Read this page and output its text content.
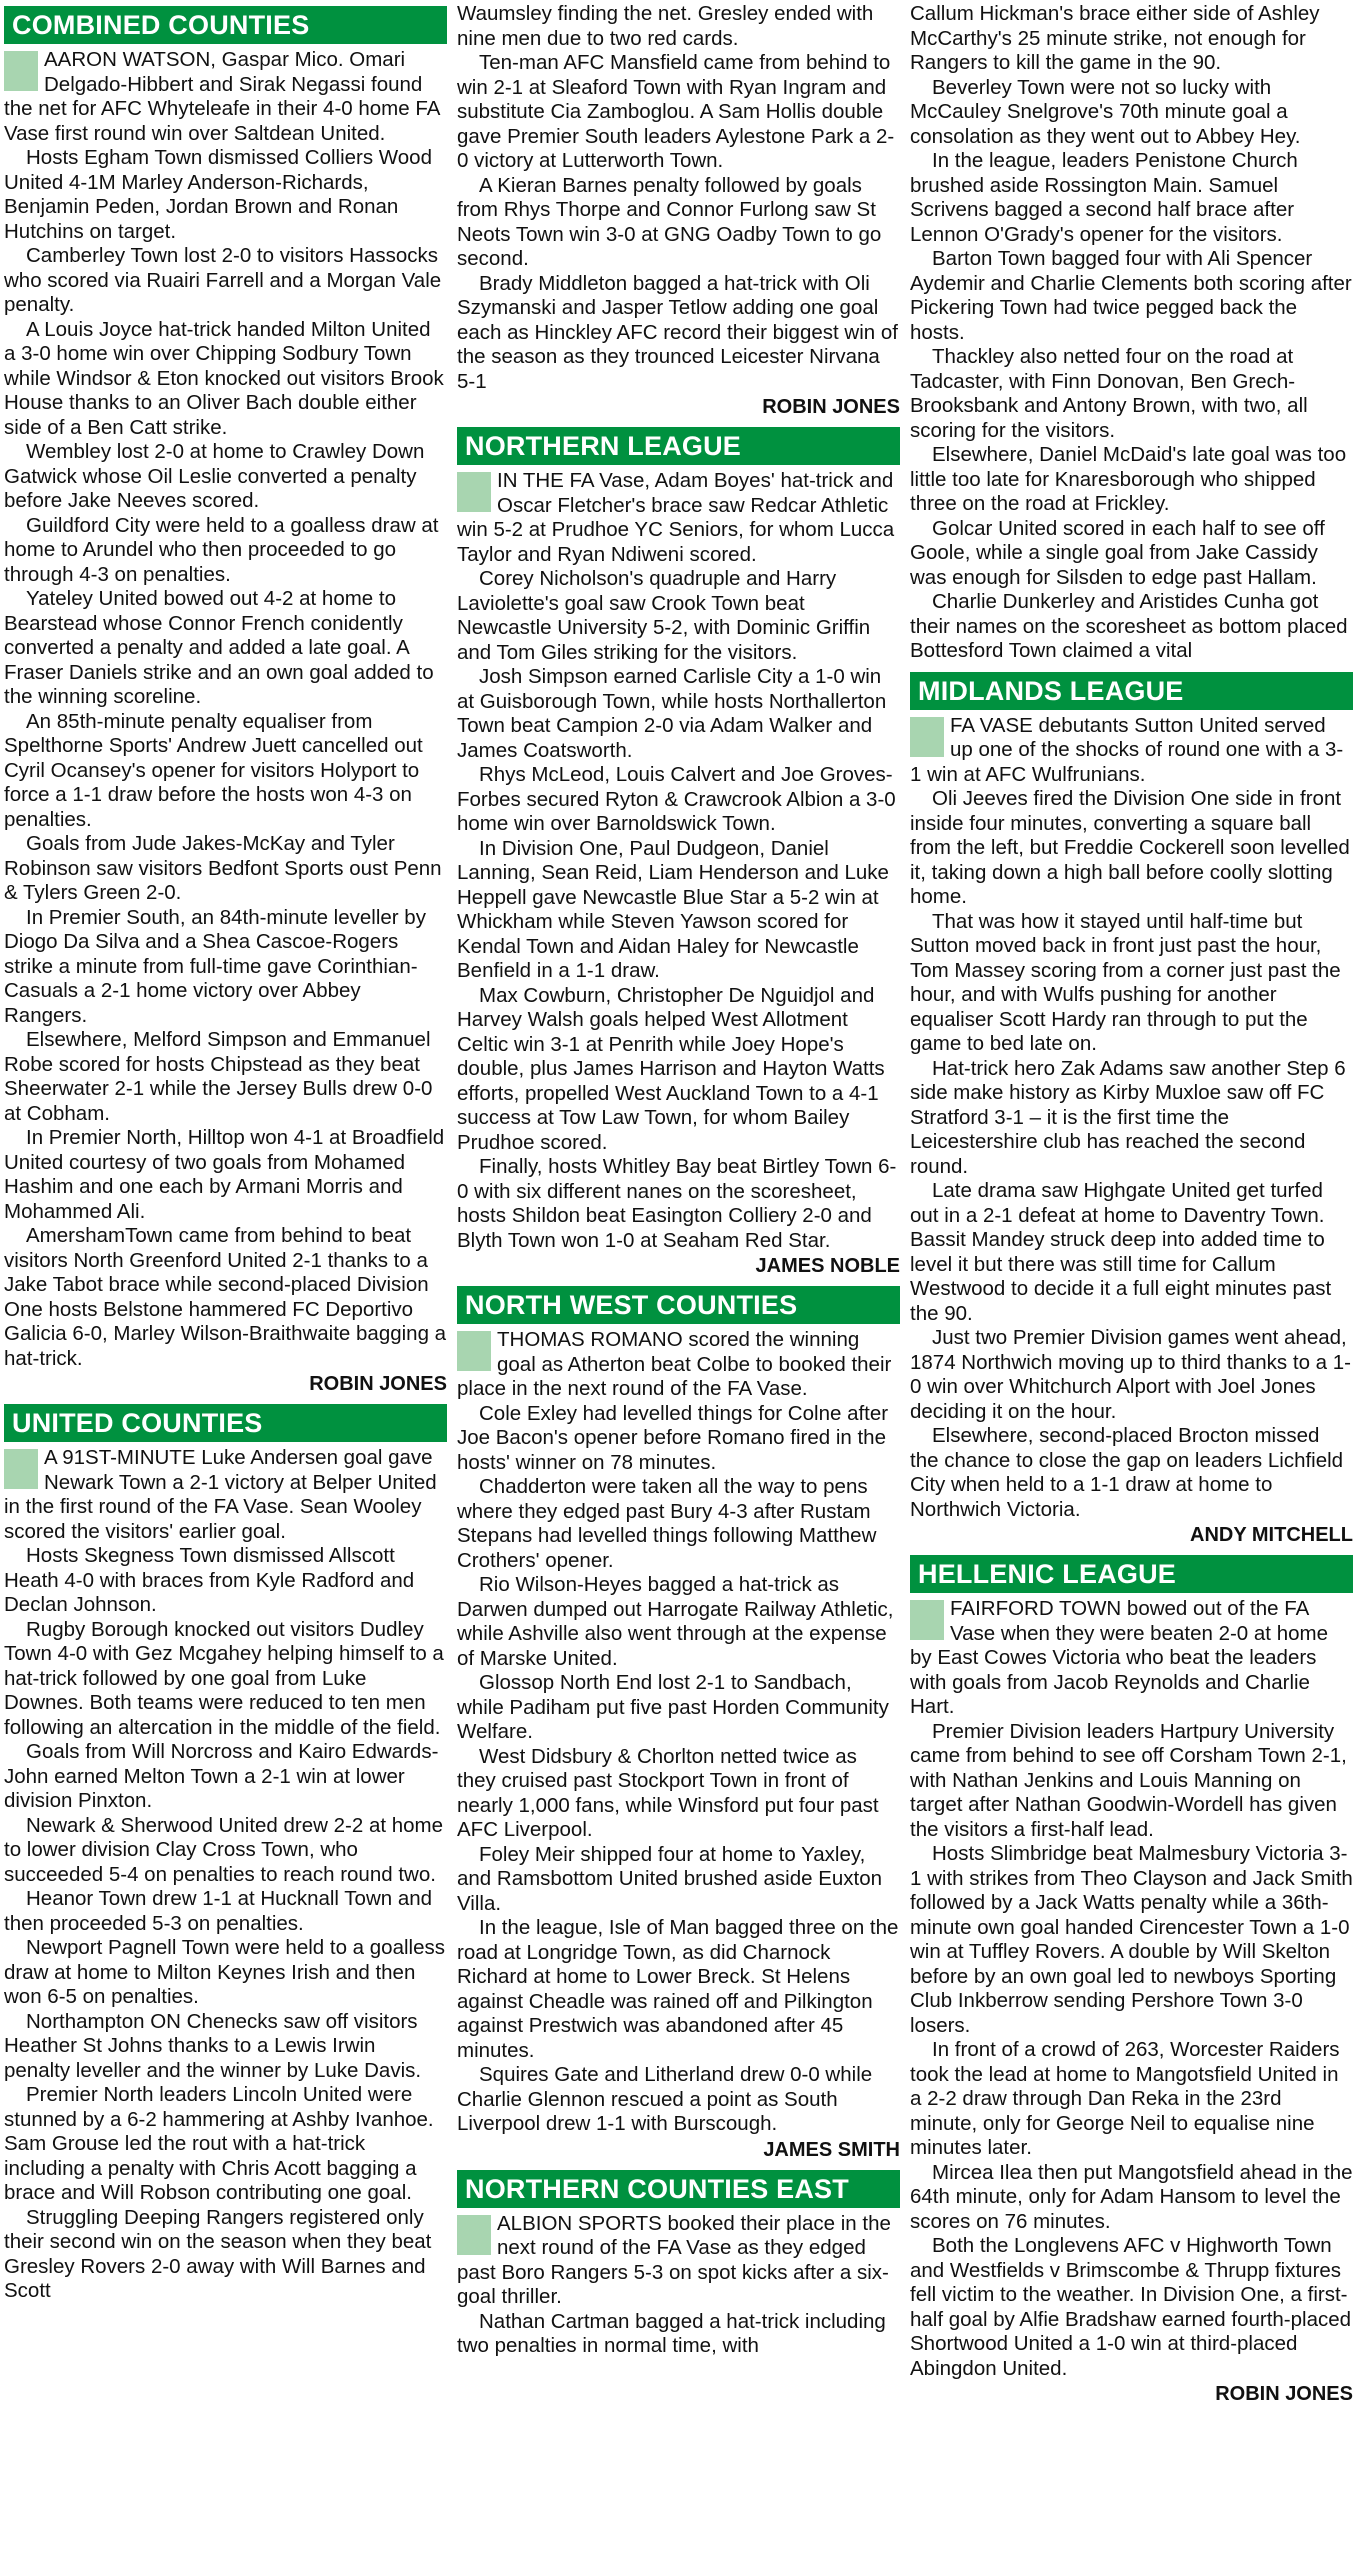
COMBINED COUNTIES

AARON WATSON, Gaspar Mico. Omari Delgado-Hibbert and Sirak Negassi found the net for AFC Whyteleafe in their 4-0 home FA Vase first round win over Saltdean United.

Hosts Egham Town dismissed Colliers Wood United 4-1M Marley Anderson-Richards, Benjamin Peden, Jordan Brown and Ronan Hutchins on target.

Camberley Town lost 2-0 to visitors Hassocks who scored via Ruairi Farrell and a Morgan Vale penalty.

A Louis Joyce hat-trick handed Milton United a 3-0 home win over Chipping Sodbury Town while Windsor & Eton knocked out visitors Brook House thanks to an Oliver Bach double either side of a Ben Catt strike.

Wembley lost 2-0 at home to Crawley Down Gatwick whose Oil Leslie converted a penalty before Jake Neeves scored.

Guildford City were held to a goalless draw at home to Arundel who then proceeded to go through 4-3 on penalties.

Yateley United bowed out 4-2 at home to Bearstead whose Connor French conidently converted a penalty and added a late goal. A Fraser Daniels strike and an own goal added to the winning scoreline.

An 85th-minute penalty equaliser from Spelthorne Sports' Andrew Juett cancelled out Cyril Ocansey's opener for visitors Holyport to force a 1-1 draw before the hosts won 4-3 on penalties.

Goals from Jude Jakes-McKay and Tyler Robinson saw visitors Bedfont Sports oust Penn & Tylers Green 2-0.

In Premier South, an 84th-minute leveller by Diogo Da Silva and a Shea Cascoe-Rogers strike a minute from full-time gave Corinthian-Casuals a 2-1 home victory over Abbey Rangers.

Elsewhere, Melford Simpson and Emmanuel Robe scored for hosts Chipstead as they beat Sheerwater 2-1 while the Jersey Bulls drew 0-0 at Cobham.

In Premier North, Hilltop won 4-1 at Broadfield United courtesy of two goals from Mohamed Hashim and one each by Armani Morris and Mohammed Ali.

AmershamTown came from behind to beat visitors North Greenford United 2-1 thanks to a Jake Tabot brace while second-placed Division One hosts Belstone hammered FC Deportivo Galicia 6-0, Marley Wilson-Braithwaite bagging a hat-trick.

ROBIN JONES
UNITED COUNTIES

A 91ST-MINUTE Luke Andersen goal gave Newark Town a 2-1 victory at Belper United in the first round of the FA Vase. Sean Wooley scored the visitors' earlier goal.

Hosts Skegness Town dismissed Allscott Heath 4-0 with braces from Kyle Radford and Declan Johnson.

Rugby Borough knocked out visitors Dudley Town 4-0 with Gez Mcgahey helping himself to a hat-trick followed by one goal from Luke Downes. Both teams were reduced to ten men following an altercation in the middle of the field.

Goals from Will Norcross and Kairo Edwards-John earned Melton Town a 2-1 win at lower division Pinxton.

Newark & Sherwood United drew 2-2 at home to lower division Clay Cross Town, who succeeded 5-4 on penalties to reach round two.

Heanor Town drew 1-1 at Hucknall Town and then proceeded 5-3 on penalties.

Newport Pagnell Town were held to a goalless draw at home to Milton Keynes Irish and then won 6-5 on penalties.

Northampton ON Chenecks saw off visitors Heather St Johns thanks to a Lewis Irwin penalty leveller and the winner by Luke Davis.

Premier North leaders Lincoln United were stunned by a 6-2 hammering at Ashby Ivanhoe. Sam Grouse led the rout with a hat-trick including a penalty with Chris Acott bagging a brace and Will Robson contributing one goal.

Struggling Deeping Rangers registered only their second win on the season when they beat Gresley Rovers 2-0 away with Will Barnes and Scott

Waumsley finding the net. Gresley ended with nine men due to two red cards.

Ten-man AFC Mansfield came from behind to win 2-1 at Sleaford Town with Ryan Ingram and substitute Cia Zamboglou. A Sam Hollis double gave Premier South leaders Aylestone Park a 2-0 victory at Lutterworth Town.

A Kieran Barnes penalty followed by goals from Rhys Thorpe and Connor Furlong saw St Neots Town win 3-0 at GNG Oadby Town to go second.

Brady Middleton bagged a hat-trick with Oli Szymanski and Jasper Tetlow adding one goal each as Hinckley AFC record their biggest win of the season as they trounced Leicester Nirvana 5-1

ROBIN JONES
NORTHERN LEAGUE

IN THE FA Vase, Adam Boyes' hat-trick and Oscar Fletcher's brace saw Redcar Athletic win 5-2 at Prudhoe YC Seniors, for whom Lucca Taylor and Ryan Ndiweni scored.

Corey Nicholson's quadruple and Harry Laviolette's goal saw Crook Town beat Newcastle University 5-2, with Dominic Griffin and Tom Giles striking for the visitors.

Josh Simpson earned Carlisle City a 1-0 win at Guisborough Town, while hosts Northallerton Town beat Campion 2-0 via Adam Walker and James Coatsworth.

Rhys McLeod, Louis Calvert and Joe Groves-Forbes secured Ryton & Crawcrook Albion a 3-0 home win over Barnoldswick Town.

In Division One, Paul Dudgeon, Daniel Lanning, Sean Reid, Liam Henderson and Luke Heppell gave Newcastle Blue Star a 5-2 win at Whickham while Steven Yawson scored for Kendal Town and Aidan Haley for Newcastle Benfield in a 1-1 draw.

Max Cowburn, Christopher De Nguidjol and Harvey Walsh goals helped West Allotment Celtic win 3-1 at Penrith while Joey Hope's double, plus James Harrison and Hayton Watts efforts, propelled West Auckland Town to a 4-1 success at Tow Law Town, for whom Bailey Prudhoe scored.

Finally, hosts Whitley Bay beat Birtley Town 6-0 with six different nanes on the scoresheet, hosts Shildon beat Easington Colliery 2-0 and Blyth Town won 1-0 at Seaham Red Star.

JAMES NOBLE
NORTH WEST COUNTIES

THOMAS ROMANO scored the winning goal as Atherton beat Colbe to booked their place in the next round of the FA Vase.

Cole Exley had levelled things for Colne after Joe Bacon's opener before Romano fired in the hosts' winner on 78 minutes.

Chadderton were taken all the way to pens where they edged past Bury 4-3 after Rustam Stepans had levelled things following Matthew Crothers' opener.

Rio Wilson-Heyes bagged a hat-trick as Darwen dumped out Harrogate Railway Athletic, while Ashville also went through at the expense of Marske United.

Glossop North End lost 2-1 to Sandbach, while Padiham put five past Horden Community Welfare.

West Didsbury & Chorlton netted twice as they cruised past Stockport Town in front of nearly 1,000 fans, while Winsford put four past AFC Liverpool.

Foley Meir shipped four at home to Yaxley, and Ramsbottom United brushed aside Euxton Villa.

In the league, Isle of Man bagged three on the road at Longridge Town, as did Charnock Richard at home to Lower Breck. St Helens against Cheadle was rained off and Pilkington against Prestwich was abandoned after 45 minutes.

Squires Gate and Litherland drew 0-0 while Charlie Glennon rescued a point as South Liverpool drew 1-1 with Burscough.

JAMES SMITH
NORTHERN COUNTIES EAST

ALBION SPORTS booked their place in the next round of the FA Vase as they edged past Boro Rangers 5-3 on spot kicks after a six-goal thriller.

Nathan Cartman bagged a hat-trick including two penalties in normal time, with

Callum Hickman's brace either side of Ashley McCarthy's 25 minute strike, not enough for Rangers to kill the game in the 90.

Beverley Town were not so lucky with McCauley Snelgrove's 70th minute goal a consolation as they went out to Abbey Hey.

In the league, leaders Penistone Church brushed aside Rossington Main. Samuel Scrivens bagged a second half brace after Lennon O'Grady's opener for the visitors.

Barton Town bagged four with Ali Spencer Aydemir and Charlie Clements both scoring after Pickering Town had twice pegged back the hosts.

Thackley also netted four on the road at Tadcaster, with Finn Donovan, Ben Grech-Brooksbank and Antony Brown, with two, all scoring for the visitors.

Elsewhere, Daniel McDaid's late goal was too little too late for Knaresborough who shipped three on the road at Frickley.

Golcar United scored in each half to see off Goole, while a single goal from Jake Cassidy was enough for Silsden to edge past Hallam.

Charlie Dunkerley and Aristides Cunha got their names on the scoresheet as bottom placed Bottesford Town claimed a vital

MIDLANDS LEAGUE

FA VASE debutants Sutton United served up one of the shocks of round one with a 3-1 win at AFC Wulfrunians.

Oli Jeeves fired the Division One side in front inside four minutes, converting a square ball from the left, but Freddie Cockerell soon levelled it, taking down a high ball before coolly slotting home.

That was how it stayed until half-time but Sutton moved back in front just past the hour, Tom Massey scoring from a corner just past the hour, and with Wulfs pushing for another equaliser Scott Hardy ran through to put the game to bed late on.

Hat-trick hero Zak Adams saw another Step 6 side make history as Kirby Muxloe saw off FC Stratford 3-1 – it is the first time the Leicestershire club has reached the second round.

Late drama saw Highgate United get turfed out in a 2-1 defeat at home to Daventry Town. Bassit Mandey struck deep into added time to level it but there was still time for Callum Westwood to decide it a full eight minutes past the 90.

Just two Premier Division games went ahead, 1874 Northwich moving up to third thanks to a 1-0 win over Whitchurch Alport with Joel Jones deciding it on the hour.

Elsewhere, second-placed Brocton missed the chance to close the gap on leaders Lichfield City when held to a 1-1 draw at home to Northwich Victoria.

ANDY MITCHELL
HELLENIC LEAGUE

FAIRFORD TOWN bowed out of the FA Vase when they were beaten 2-0 at home by East Cowes Victoria who beat the leaders with goals from Jacob Reynolds and Charlie Hart.

Premier Division leaders Hartpury University came from behind to see off Corsham Town 2-1, with Nathan Jenkins and Louis Manning on target after Nathan Goodwin-Wordell has given the visitors a first-half lead.

Hosts Slimbridge beat Malmesbury Victoria 3-1 with strikes from Theo Clayson and Jack Smith followed by a Jack Watts penalty while a 36th-minute own goal handed Cirencester Town a 1-0 win at Tuffley Rovers. A double by Will Skelton before by an own goal led to newboys Sporting Club Inkberrow sending Pershore Town 3-0 losers.

In front of a crowd of 263, Worcester Raiders took the lead at home to Mangotsfield United in a 2-2 draw through Dan Reka in the 23rd minute, only for George Neil to equalise nine minutes later.

Mircea Ilea then put Mangotsfield ahead in the 64th minute, only for Adam Hansom to level the scores on 76 minutes.

Both the Longlevens AFC v Highworth Town and Westfields v Brimscombe & Thrupp fixtures fell victim to the weather. In Division One, a first-half goal by Alfie Bradshaw earned fourth-placed Shortwood United a 1-0 win at third-placed Abingdon United.

ROBIN JONES
